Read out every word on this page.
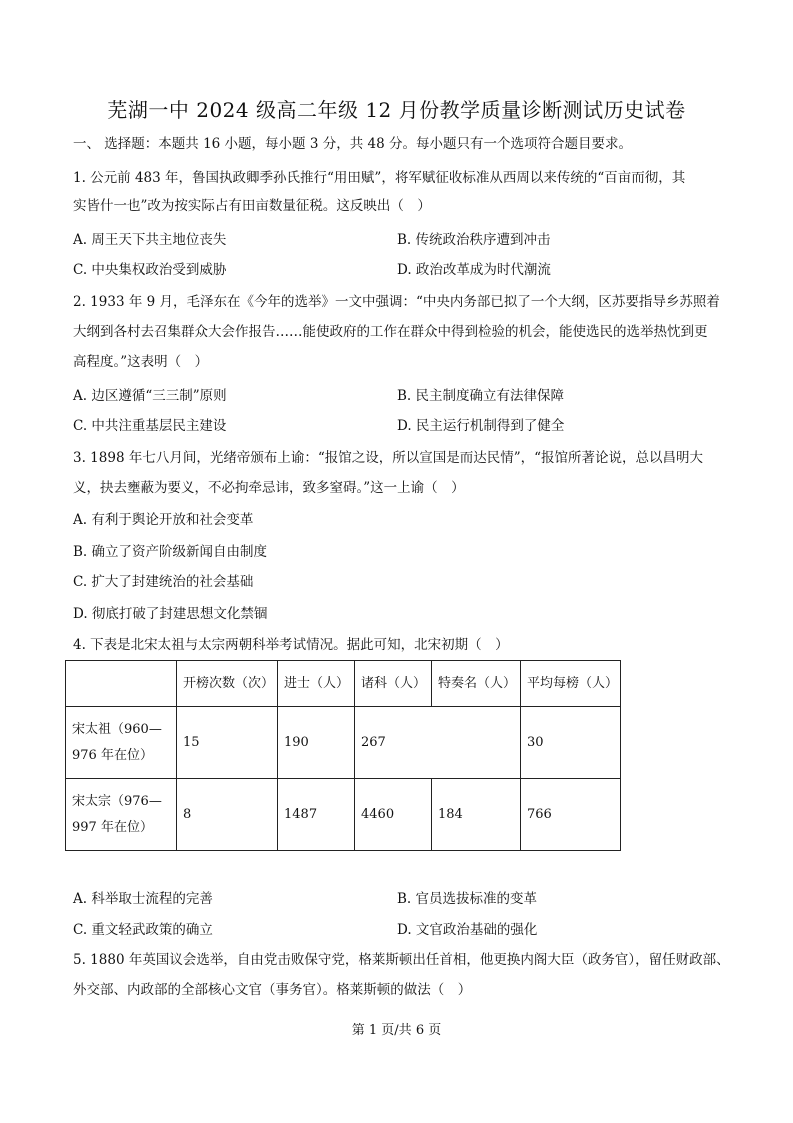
芜湖一中 2024 级高二年级 12 月份教学质量诊断测试历史试卷
一、 选择题：本题共 16 小题，每小题 3 分，共 48 分。每小题只有一个选项符合题目要求。
1. 公元前 483 年，鲁国执政卿季孙氏推行“用田赋”，将军赋征收标准从西周以来传统的“百亩而彻，其
实皆什一也”改为按实际占有田亩数量征税。这反映出（　）
A. 周王天下共主地位丧失	B. 传统政治秩序遭到冲击
C. 中央集权政治受到威胁	D. 政治改革成为时代潮流
2. 1933 年 9 月，毛泽东在《今年的选举》一文中强调：“中央内务部已拟了一个大纲，区苏要指导乡苏照着
大纲到各村去召集群众大会作报告……能使政府的工作在群众中得到检验的机会，能使选民的选举热忱到更
高程度。”这表明（　）
A. 边区遵循“三三制”原则	B. 民主制度确立有法律保障
C. 中共注重基层民主建设	D. 民主运行机制得到了健全
3. 1898 年七八月间，光绪帝颁布上谕：“报馆之设，所以宣国是而达民情”，“报馆所著论说，总以昌明大
义，抉去壅蔽为要义，不必拘牵忌讳，致多窒碍。”这一上谕（　）
A. 有利于舆论开放和社会变革
B. 确立了资产阶级新闻自由制度
C. 扩大了封建统治的社会基础
D. 彻底打破了封建思想文化禁锢
4. 下表是北宋太祖与太宗两朝科举考试情况。据此可知，北宋初期（　）
	开榜次数（次）	进士（人）	诸科（人）	特奏名（人）	平均每榜（人）

宋太祖（960—
976 年在位）	15	190	267		30

宋太宗（976—
997 年在位）	8	1487	4460	184	766
A. 科举取士流程的完善	B. 官员选拔标准的变革
C. 重文轻武政策的确立	D. 文官政治基础的强化
5. 1880 年英国议会选举，自由党击败保守党，格莱斯顿出任首相，他更换内阁大臣（政务官），留任财政部、
外交部、内政部的全部核心文官（事务官）。格莱斯顿的做法（　）
第 1 页/共 6 页
